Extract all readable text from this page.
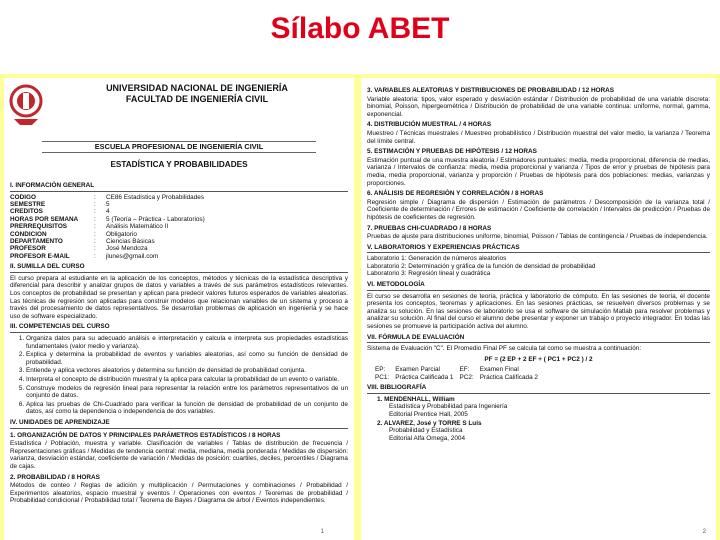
Sílabo ABET
UNIVERSIDAD NACIONAL DE INGENIERÍA
FACULTAD DE INGENIERÍA CIVIL
ESCUELA PROFESIONAL DE INGENIERÍA CIVIL
ESTADÍSTICA Y PROBABILIDADES
I. INFORMACIÓN GENERAL
CODIGO	:	CE86 Estadística y Probabilidades
SEMESTRE	:	5
CREDITOS	:	4
HORAS POR SEMANA	:	5 (Teoría – Práctica - Laboratorios)
PRERREQUISITOS	:	Análisis Matemático II
CONDICION	:	Obligatorio
DEPARTAMENTO	:	Ciencias Básicas
PROFESOR	:	José Mendoza
PROFESOR E-MAIL	:	jlunes@gmail.com
II. SUMILLA DEL CURSO
El curso prepara al estudiante en la aplicación de los conceptos, métodos y técnicas de la estadística descriptiva y diferencial para describir y analizar grupos de datos y variables a través de sus parámetros estadísticos relevantes. Los conceptos de probabilidad se presentan y aplican para predecir valores futuros esperados de variables aleatorias. Las técnicas de regresión son aplicadas para construir modelos que relacionan variables de un sistema y proceso a través del procesamiento de datos representativos. Se desarrollan problemas de aplicación en ingeniería y se hace uso de software especializado.
III. COMPETENCIAS DEL CURSO
1. Organiza datos para su adecuado análisis e interpretación y calcula e interpreta sus propiedades estadísticas fundamentales (valor medio y varianza).
2. Explica y determina la probabilidad de eventos y variables aleatorias, así como su función de densidad de probabilidad.
3. Entiende y aplica vectores aleatorios y determina su función de densidad de probabilidad conjunta.
4. Interpreta el concepto de distribución muestral y la aplica para calcular la probabilidad de un evento o variable.
5. Construye modelos de regresión lineal para representar la relación entre los parámetros representativos de un conjunto de datos.
6. Aplica las pruebas de Chi-Cuadrado para verificar la función de densidad de probabilidad de un conjunto de datos, así como la dependencia o independencia de dos variables.
IV. UNIDADES DE APRENDIZAJE
1. ORGANIZACIÓN DE DATOS Y PRINCIPALES PARÁMETROS ESTADÍSTICOS / 8 HORAS
Estadística / Población, muestra y variable. Clasificación de variables / Tablas de distribución de frecuencia / Representaciones gráficas / Medidas de tendencia central: media, mediana, media ponderada / Medidas de dispersión: varianza, desviación estándar, coeficiente de variación / Medidas de posición: cuartiles, deciles, percentiles / Diagrama de cajas.
2. PROBABILIDAD / 8 HORAS
Métodos de conteo / Reglas de adición y multiplicación / Permutaciones y combinaciones / Probabilidad / Experimentos aleatorios, espacio muestral y eventos / Operaciones con eventos / Teoremas de probabilidad / Probabilidad condicional / Probabilidad total / Teorema de Bayes / Diagrama de árbol / Eventos independientes.
1
3. VARIABLES ALEATORIAS Y DISTRIBUCIONES DE PROBABILIDAD / 12 HORAS
Variable aleatoria: tipos, valor esperado y desviación estándar / Distribución de probabilidad de una variable discreta: binomial, Poisson, hipergeométrica / Distribución de probabilidad de una variable continua: uniforme, normal, gamma, exponencial.
4. DISTRIBUCIÓN MUESTRAL / 4 HORAS
Muestreo / Técnicas muestrales / Muestreo probabilístico / Distribución muestral del valor medio, la varianza / Teorema del límite central.
5. ESTIMACIÓN Y PRUEBAS DE HIPÓTESIS / 12 HORAS
Estimación puntual de una muestra aleatoria / Estimadores puntuales: media, media proporcional, diferencia de medias, varianza / Intervalos de confianza: media, media proporcional y varianza / Tipos de error y pruebas de hipótesis para media, media proporcional, varianza y proporción / Pruebas de hipótesis para dos poblaciones: medias, varianzas y proporciones.
6. ANÁLISIS DE REGRESIÓN Y CORRELACIÓN / 8 HORAS
Regresión simple / Diagrama de dispersión / Estimación de parámetros / Descomposición de la varianza total / Coeficiente de determinación / Errores de estimación / Coeficiente de correlación / Intervalos de predicción / Pruebas de hipótesis de coeficientes de regresión.
7. PRUEBAS CHI-CUADRADO / 8 HORAS
Pruebas de ajuste para distribuciones uniforme, binomial, Poisson / Tablas de contingencia / Pruebas de independencia.
V. LABORATORIOS Y EXPERIENCIAS PRÁCTICAS
Laboratorio 1: Generación de números aleatorios
Laboratorio 2: Determinación y gráfica de la función de densidad de probabilidad
Laboratorio 3: Regresión lineal y cuadrática
VI. METODOLOGÍA
El curso se desarrolla en sesiones de teoría, práctica y laboratorio de cómputo. En las sesiones de teoría, el docente presenta los conceptos, teoremas y aplicaciones. En las sesiones prácticas, se resuelven diversos problemas y se analiza su solución. En las sesiones de laboratorio se usa el software de simulación Matlab para resolver problemas y analizar su solución. Al final del curso el alumno debe presentar y exponer un trabajo o proyecto integrador. En todas las sesiones se promueve la participación activa del alumno.
VII. FÓRMULA DE EVALUACIÓN
Sistema de Evaluación "C". El Promedio Final PF se calcula tal como se muestra a continuación:
PF = (2 EP + 2 EF + ( PC1 + PC2 ) / 2
EP:	Examen Parcial	EF:	Examen Final
PC1:	Práctica Calificada 1	PC2:	Práctica Calificada 2
VIII. BIBLIOGRAFÍA
1. MENDENHALL, William
Estadística y Probabilidad para Ingeniería
Editorial Prentice Hall, 2005
2. ALVAREZ, José y TORRE S Luis
Probabilidad y Estadística
Editorial Alfa Omega, 2004
2
